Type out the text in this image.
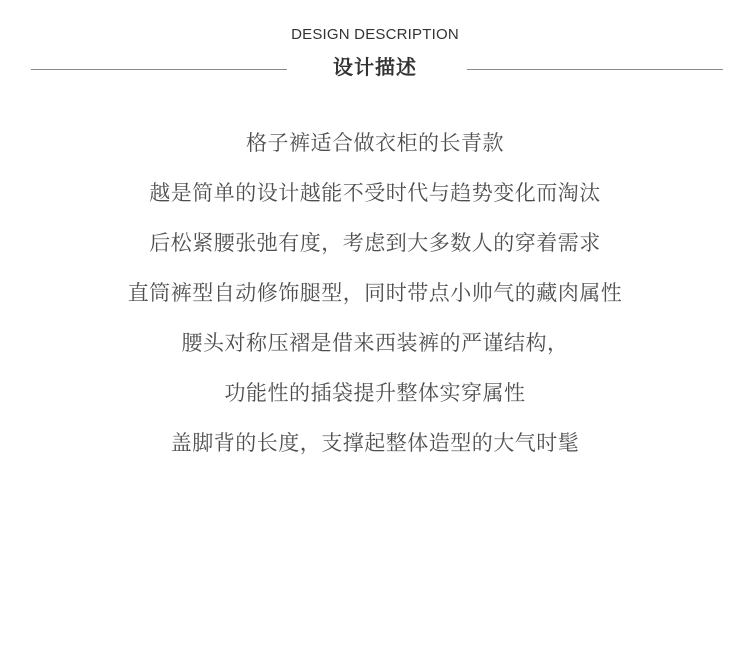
DESIGN DESCRIPTION
设计描述
格子裤适合做衣柜的长青款
越是简单的设计越能不受时代与趋势变化而淘汰
后松紧腰张弛有度，考虑到大多数人的穿着需求
直筒裤型自动修饰腿型，同时带点小帅气的藏肉属性
腰头对称压褶是借来西装裤的严谨结构，
功能性的插袋提升整体实穿属性
盖脚背的长度，支撑起整体造型的大气时髦
